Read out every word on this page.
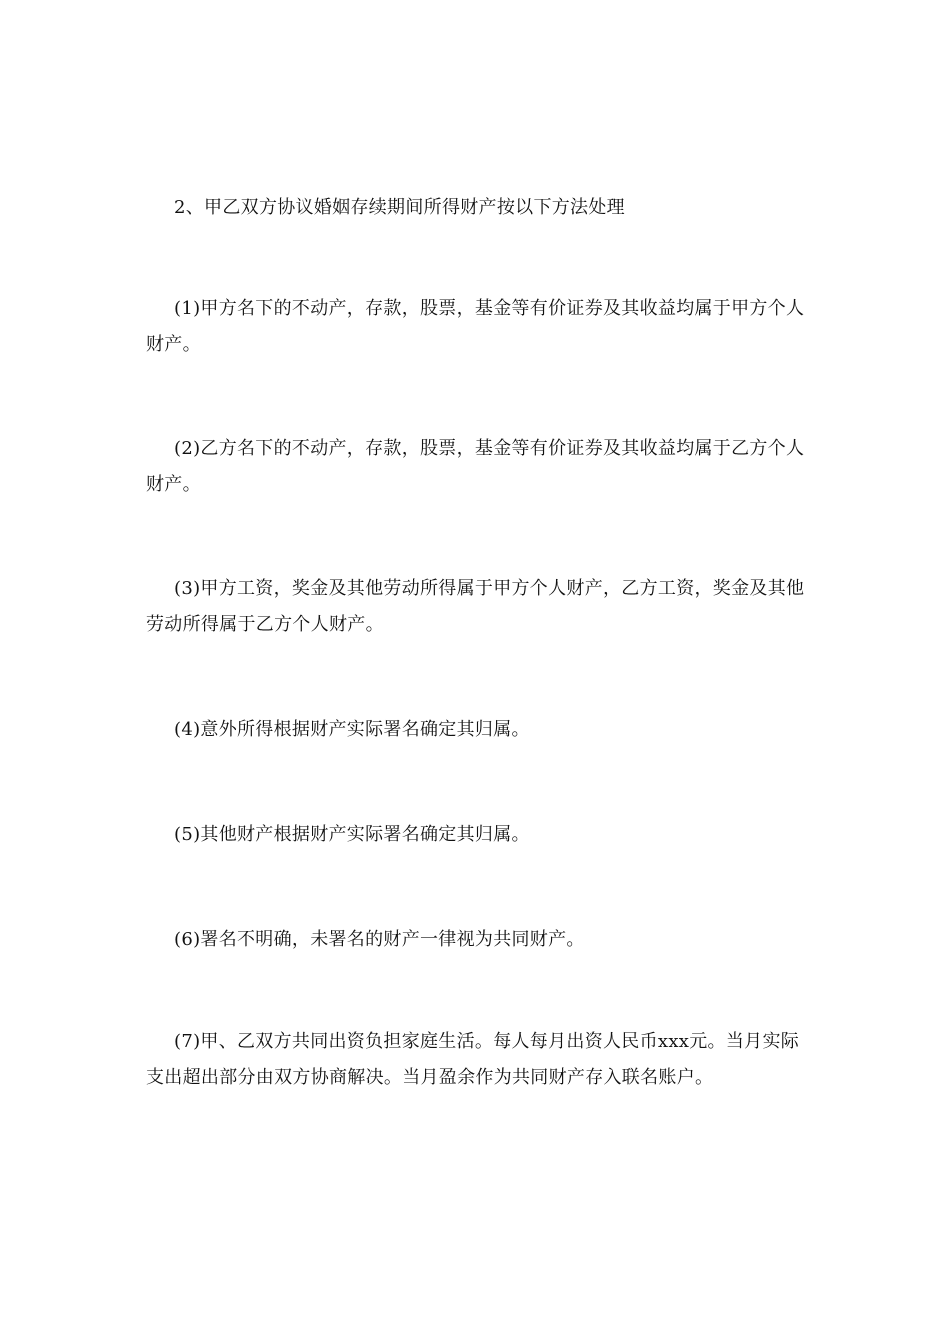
2、甲乙双方协议婚姻存续期间所得财产按以下方法处理

(1)甲方名下的不动产，存款，股票，基金等有价证券及其收益均属于甲方个人财产。

(2)乙方名下的不动产，存款，股票，基金等有价证券及其收益均属于乙方个人财产。

(3)甲方工资，奖金及其他劳动所得属于甲方个人财产，乙方工资，奖金及其他劳动所得属于乙方个人财产。

(4)意外所得根据财产实际署名确定其归属。

(5)其他财产根据财产实际署名确定其归属。

(6)署名不明确，未署名的财产一律视为共同财产。

(7)甲、乙双方共同出资负担家庭生活。每人每月出资人民币xxx元。当月实际支出超出部分由双方协商解决。当月盈余作为共同财产存入联名账户。
